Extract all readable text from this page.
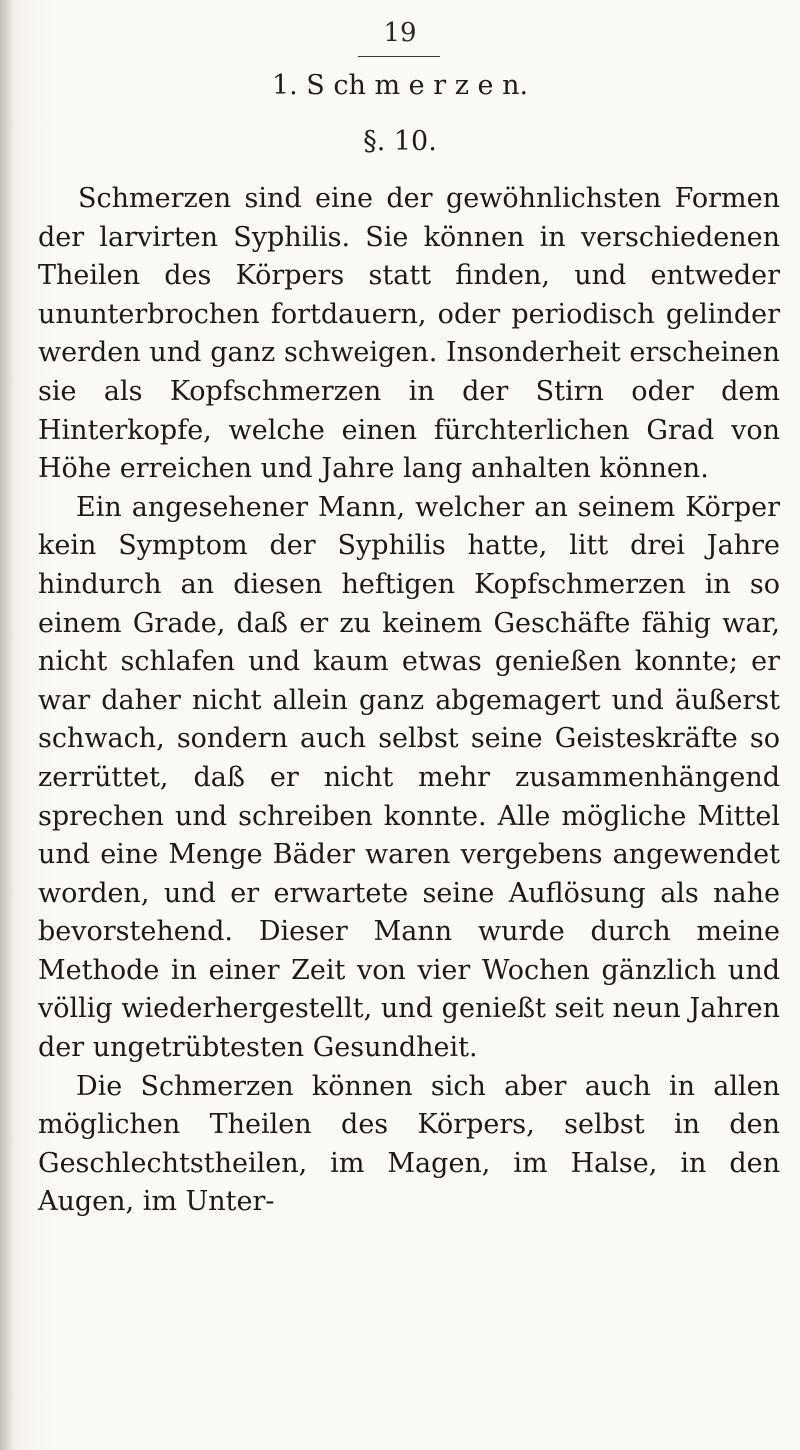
19
1. S ch m e r z e n.
§. 10.

Schmerzen sind eine der gewöhnlichsten Formen der larvirten Syphilis. Sie können in verschiedenen Theilen des Körpers statt finden, und entweder ununterbrochen fortdauern, oder periodisch gelinder werden und ganz schweigen. Insonderheit erscheinen sie als Kopfschmerzen in der Stirn oder dem Hinterkopfe, welche einen fürchterlichen Grad von Höhe erreichen und Jahre lang anhalten können.

Ein angesehener Mann, welcher an seinem Körper kein Symptom der Syphilis hatte, litt drei Jahre hindurch an diesen heftigen Kopfschmerzen in so einem Grade, daß er zu keinem Geschäfte fähig war, nicht schlafen und kaum etwas genießen konnte; er war daher nicht allein ganz abgemagert und äußerst schwach, sondern auch selbst seine Geisteskräfte so zerrüttet, daß er nicht mehr zusammenhängend sprechen und schreiben konnte. Alle mögliche Mittel und eine Menge Bäder waren vergebens angewendet worden, und er erwartete seine Auflösung als nahe bevorstehend. Dieser Mann wurde durch meine Methode in einer Zeit von vier Wochen gänzlich und völlig wiederhergestellt, und genießt seit neun Jahren der ungetrübtesten Gesundheit.

Die Schmerzen können sich aber auch in allen möglichen Theilen des Körpers, selbst in den Geschlechtstheilen, im Magen, im Halse, in den Augen, im Unter-
